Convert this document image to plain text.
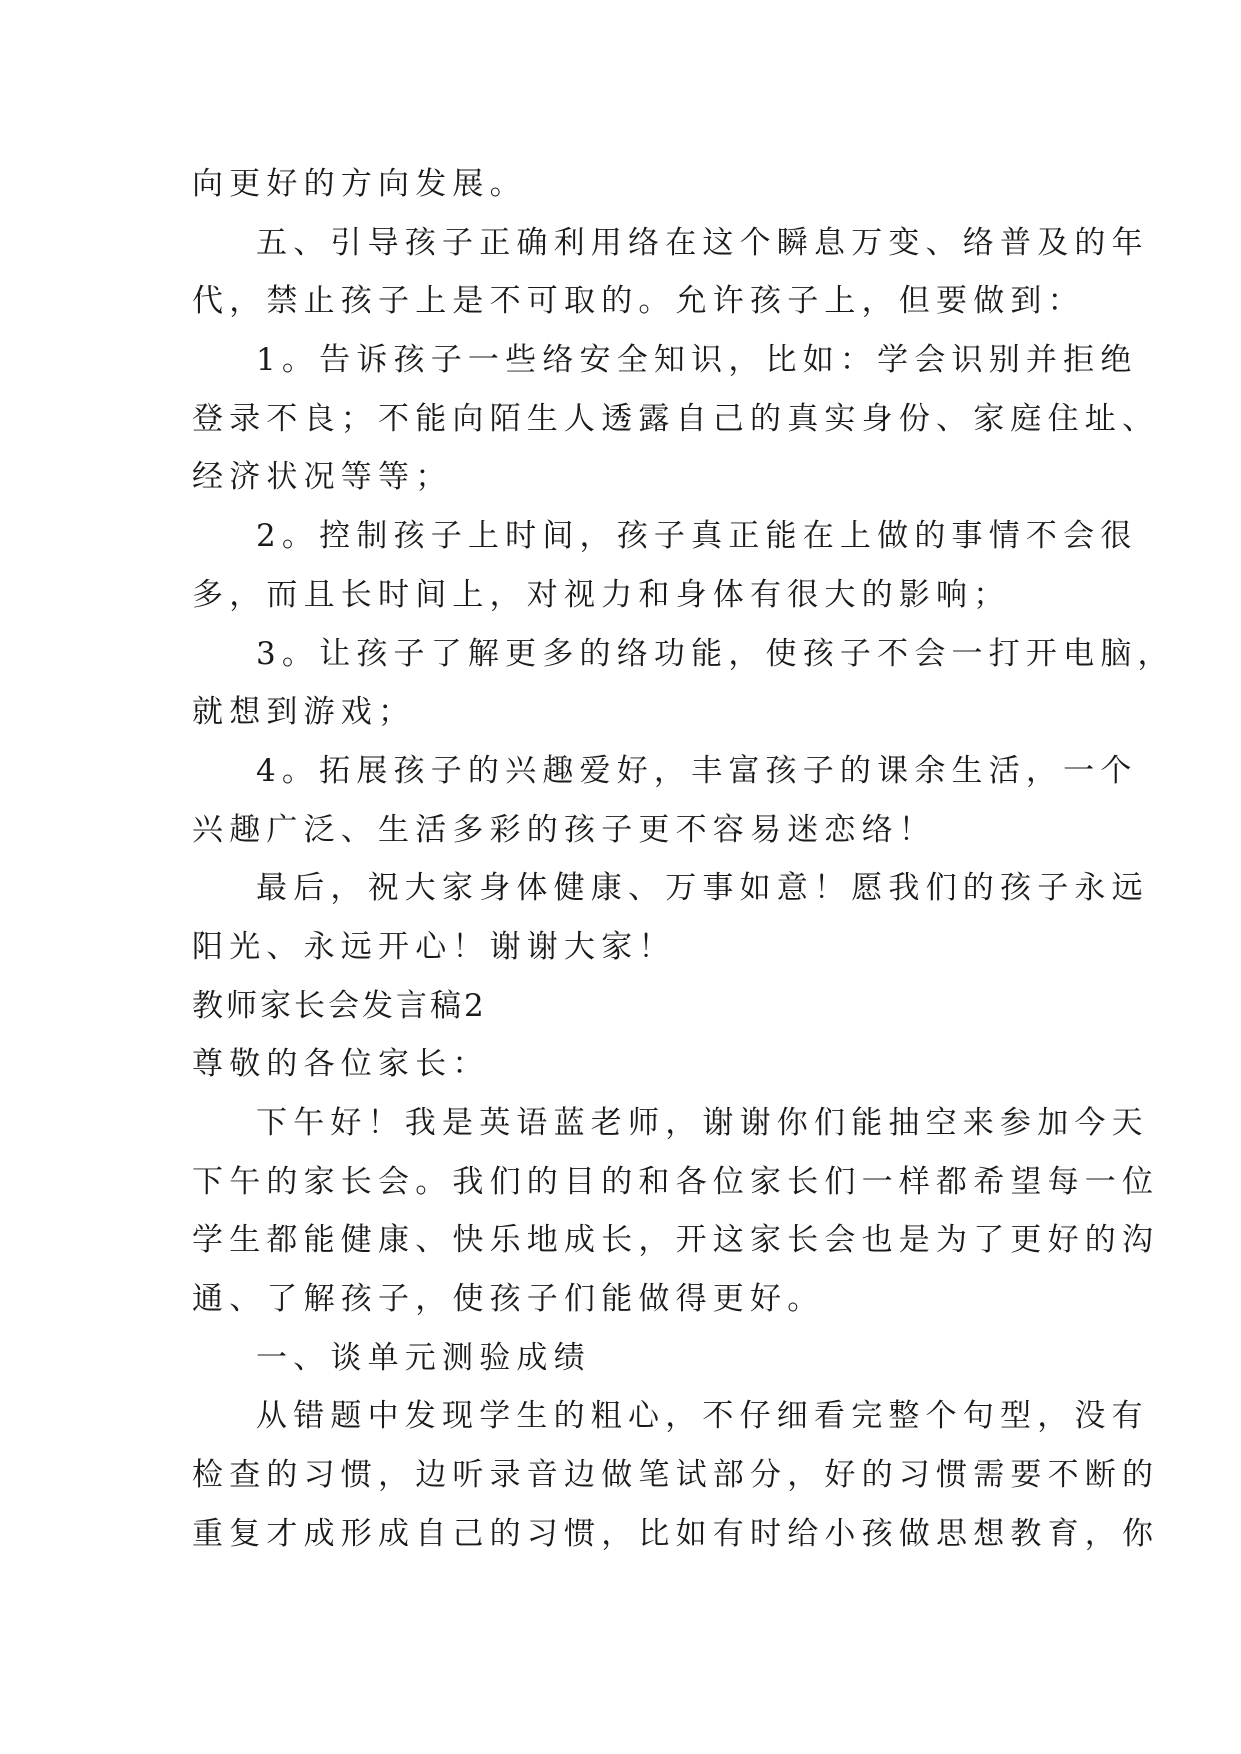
向更好的方向发展。
五、引导孩子正确利用络在这个瞬息万变、络普及的年
代，禁止孩子上是不可取的。允许孩子上，但要做到：
1。告诉孩子一些络安全知识，比如：学会识别并拒绝
登录不良；不能向陌生人透露自己的真实身份、家庭住址、
经济状况等等；
2。控制孩子上时间，孩子真正能在上做的事情不会很
多，而且长时间上，对视力和身体有很大的影响；
3。让孩子了解更多的络功能，使孩子不会一打开电脑，
就想到游戏；
4。拓展孩子的兴趣爱好，丰富孩子的课余生活，一个
兴趣广泛、生活多彩的孩子更不容易迷恋络！
最后，祝大家身体健康、万事如意！愿我们的孩子永远
阳光、永远开心！谢谢大家！
教师家长会发言稿2
尊敬的各位家长：
下午好！我是英语蓝老师，谢谢你们能抽空来参加今天
下午的家长会。我们的目的和各位家长们一样都希望每一位
学生都能健康、快乐地成长，开这家长会也是为了更好的沟
通、了解孩子，使孩子们能做得更好。
一、谈单元测验成绩
从错题中发现学生的粗心，不仔细看完整个句型，没有
检查的习惯，边听录音边做笔试部分，好的习惯需要不断的
重复才成形成自己的习惯，比如有时给小孩做思想教育，你
